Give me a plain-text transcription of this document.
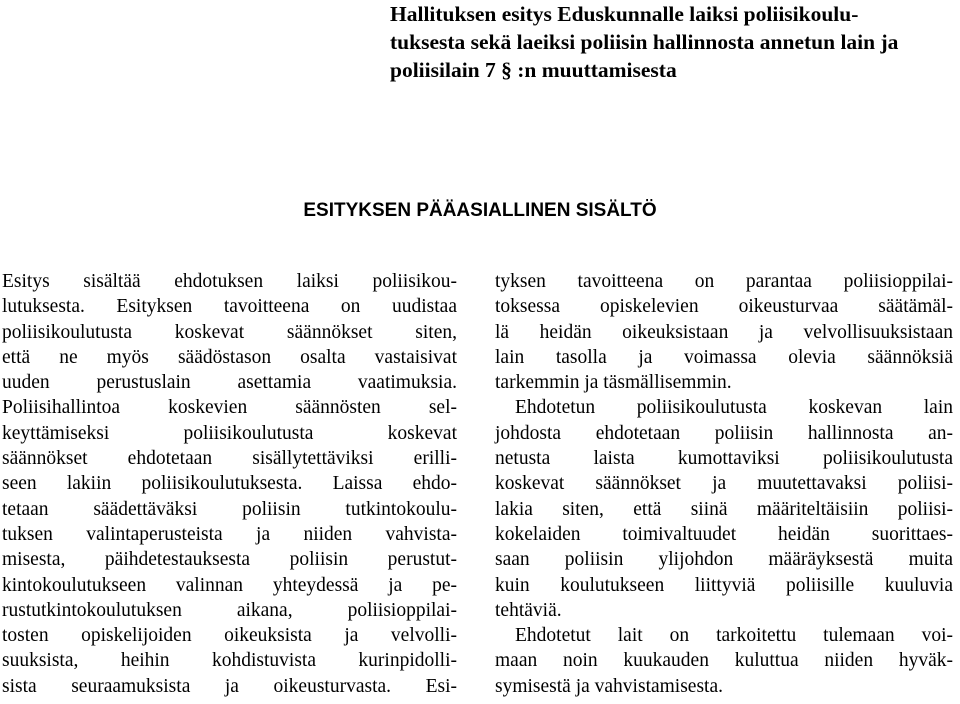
Hallituksen esitys Eduskunnalle laiksi poliisikoulu-
tuksesta sekä laeiksi poliisin hallinnosta annetun lain ja
poliisilain 7 § :n muuttamisesta
ESITYKSEN PÄÄASIALLINEN SISÄLTÖ
Esitys sisältää ehdotuksen laiksi poliisikou-
lutuksesta. Esityksen tavoitteena on uudistaa
poliisikoulutusta koskevat säännökset siten,
että ne myös säädöstason osalta vastaisivat
uuden perustuslain asettamia vaatimuksia.
Poliisihallintoa koskevien säännösten sel-
keyttämiseksi poliisikoulutusta koskevat
säännökset ehdotetaan sisällytettäviksi erilli-
seen lakiin poliisikoulutuksesta. Laissa ehdo-
tetaan säädettäväksi poliisin tutkintokoulu-
tuksen valintaperusteista ja niiden vahvista-
misesta, päihdetestauksesta poliisin perustut-
kintokoulutukseen valinnan yhteydessä ja pe-
rustutkintokoulutuksen aikana, poliisioppilai-
tosten opiskelijoiden oikeuksista ja velvolli-
suuksista, heihin kohdistuvista kurinpidolli-
sista seuraamuksista ja oikeusturvasta. Esi-
tyksen tavoitteena on parantaa poliisioppilai-
toksessa opiskelevien oikeusturvaa säätämäl-
lä heidän oikeuksistaan ja velvollisuuksistaan
lain tasolla ja voimassa olevia säännöksiä
tarkemmin ja täsmällisemmin.
Ehdotetun poliisikoulutusta koskevan lain
johdosta ehdotetaan poliisin hallinnosta an-
netusta laista kumottaviksi poliisikoulutusta
koskevat säännökset ja muutettavaksi poliisi-
lakia siten, että siinä määriteltäisiin poliisi-
kokelaiden toimivaltuudet heidän suorittaes-
saan poliisin ylijohdon määräyksestä muita
kuin koulutukseen liittyviä poliisille kuuluvia
tehtäviä.
Ehdotetut lait on tarkoitettu tulemaan voi-
maan noin kuukauden kuluttua niiden hyväk-
symisestä ja vahvistamisesta.
